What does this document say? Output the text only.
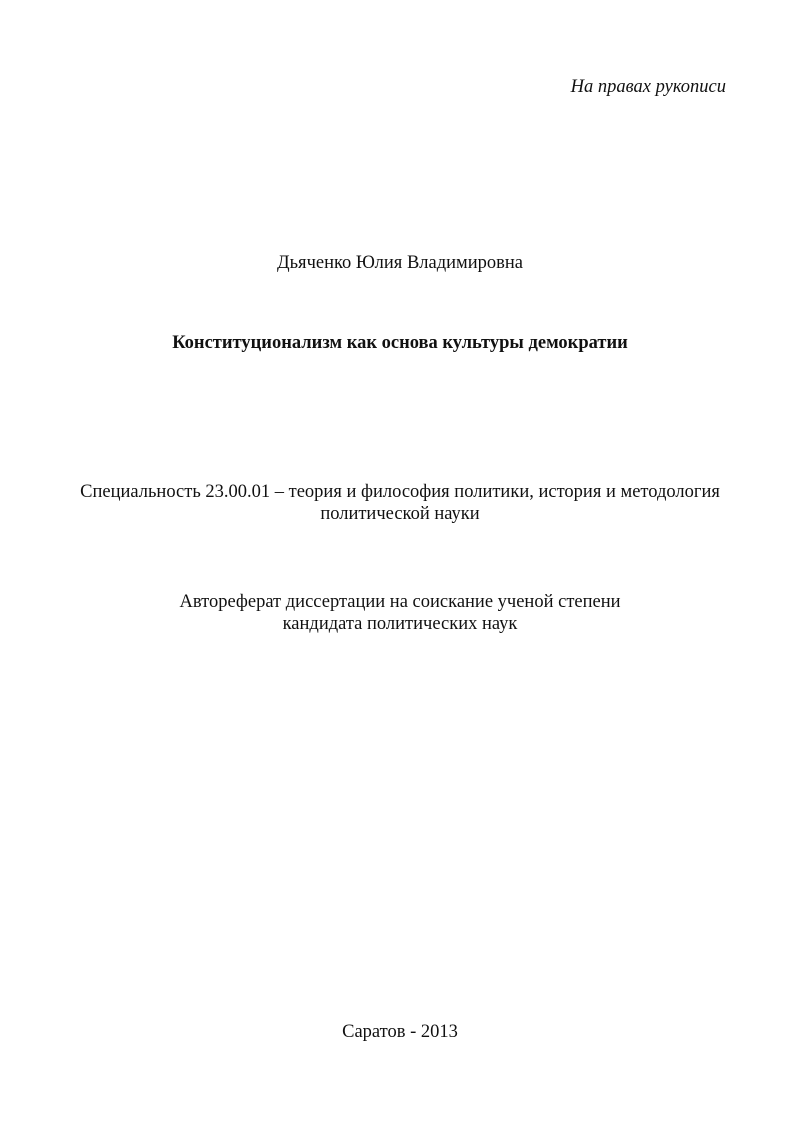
На правах рукописи
Дьяченко Юлия Владимировна
Конституционализм как основа культуры демократии
Специальность 23.00.01 – теория и философия политики, история и методология
политической науки
Автореферат диссертации на соискание ученой степени
кандидата политических наук
Саратов - 2013
